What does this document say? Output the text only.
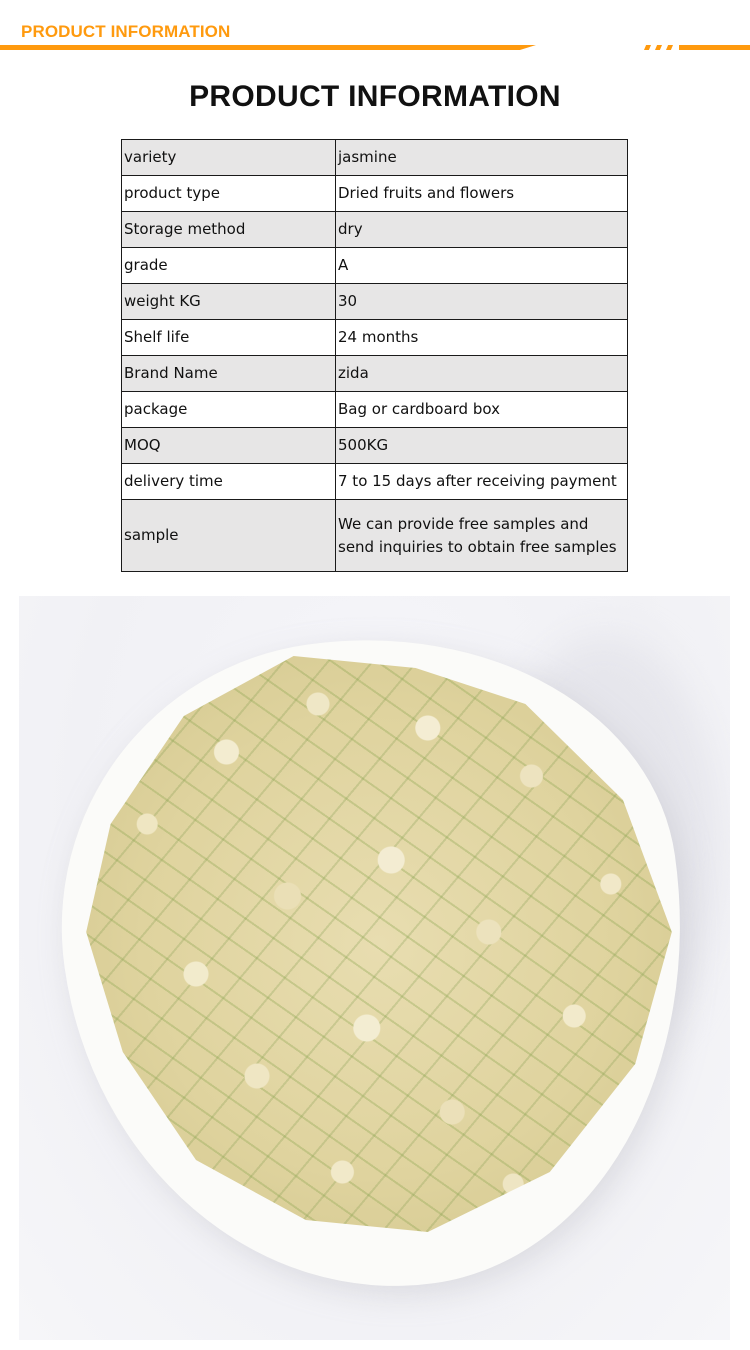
PRODUCT INFORMATION
PRODUCT INFORMATION
variety	jasmine
product type	Dried fruits and flowers
Storage method	dry
grade	A
weight KG	30
Shelf life	24 months
Brand Name	zida
package	Bag or cardboard box
MOQ	500KG
delivery time	7 to 15 days after receiving payment
sample	We can provide free samples and send inquiries to obtain free samples
